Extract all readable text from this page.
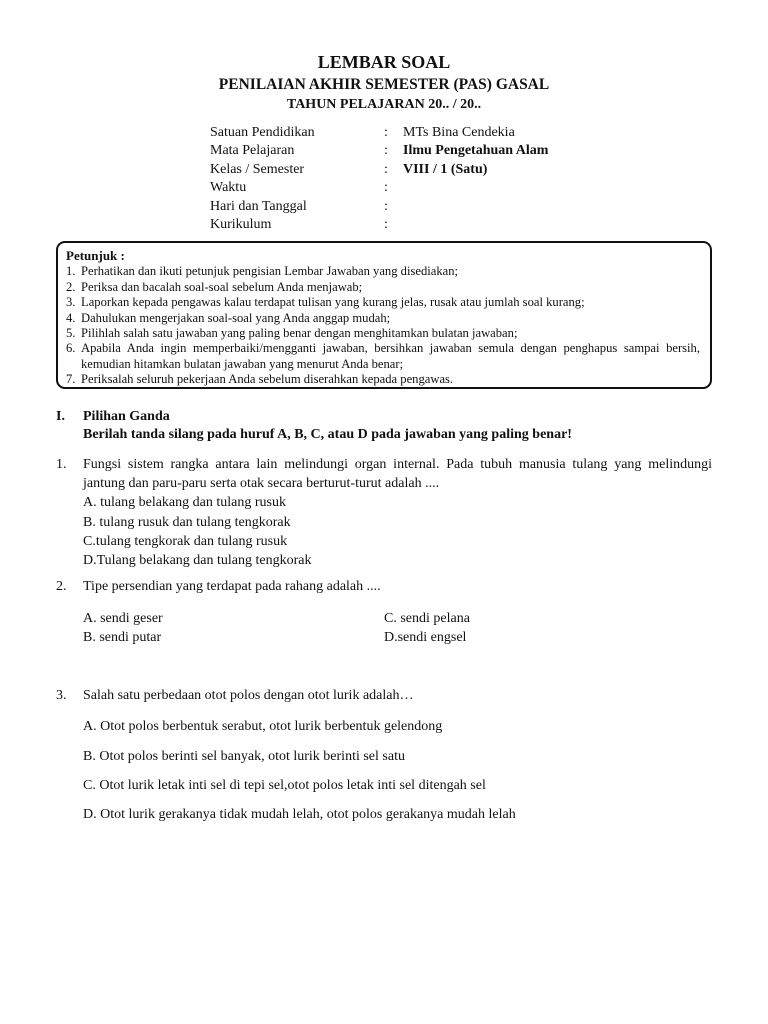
LEMBAR SOAL
PENILAIAN AKHIR SEMESTER (PAS) GASAL
TAHUN PELAJARAN 20.. / 20..
Satuan Pendidikan	:	MTs Bina Cendekia
Mata Pelajaran	:	Ilmu Pengetahuan Alam
Kelas / Semester	:	VIII / 1 (Satu)
Waktu	:
Hari dan Tanggal	:
Kurikulum	:
Petunjuk :
1. Perhatikan dan ikuti petunjuk pengisian Lembar Jawaban yang disediakan;
2. Periksa dan bacalah soal-soal sebelum Anda menjawab;
3. Laporkan kepada pengawas kalau terdapat tulisan yang kurang jelas, rusak atau jumlah soal kurang;
4. Dahulukan mengerjakan soal-soal yang Anda anggap mudah;
5. Pilihlah salah satu jawaban yang paling benar dengan menghitamkan bulatan jawaban;
6. Apabila Anda ingin memperbaiki/mengganti jawaban, bersihkan jawaban semula dengan penghapus sampai bersih, kemudian hitamkan bulatan jawaban yang menurut Anda benar;
7. Periksalah seluruh pekerjaan Anda sebelum diserahkan kepada pengawas.
I.	Pilihan Ganda
Berilah tanda silang pada huruf A, B, C, atau D pada jawaban yang paling benar!
1. Fungsi sistem rangka antara lain melindungi organ internal. Pada tubuh manusia tulang yang melindungi jantung dan paru-paru serta otak secara berturut-turut adalah ....
A. tulang belakang dan tulang rusuk
B. tulang rusuk dan tulang tengkorak
C.tulang tengkorak dan tulang rusuk
D.Tulang belakang dan tulang tengkorak
2. Tipe persendian yang terdapat pada rahang adalah ....
A. sendi geser	C. sendi pelana
B. sendi putar	D.sendi engsel
3. Salah satu perbedaan otot polos dengan otot lurik adalah…
A. Otot polos berbentuk serabut, otot lurik berbentuk gelendong
B. Otot polos berinti sel banyak, otot lurik berinti sel satu
C. Otot lurik letak inti sel di tepi sel,otot polos letak inti sel ditengah sel
D. Otot lurik gerakanya tidak mudah lelah, otot polos gerakanya mudah lelah
